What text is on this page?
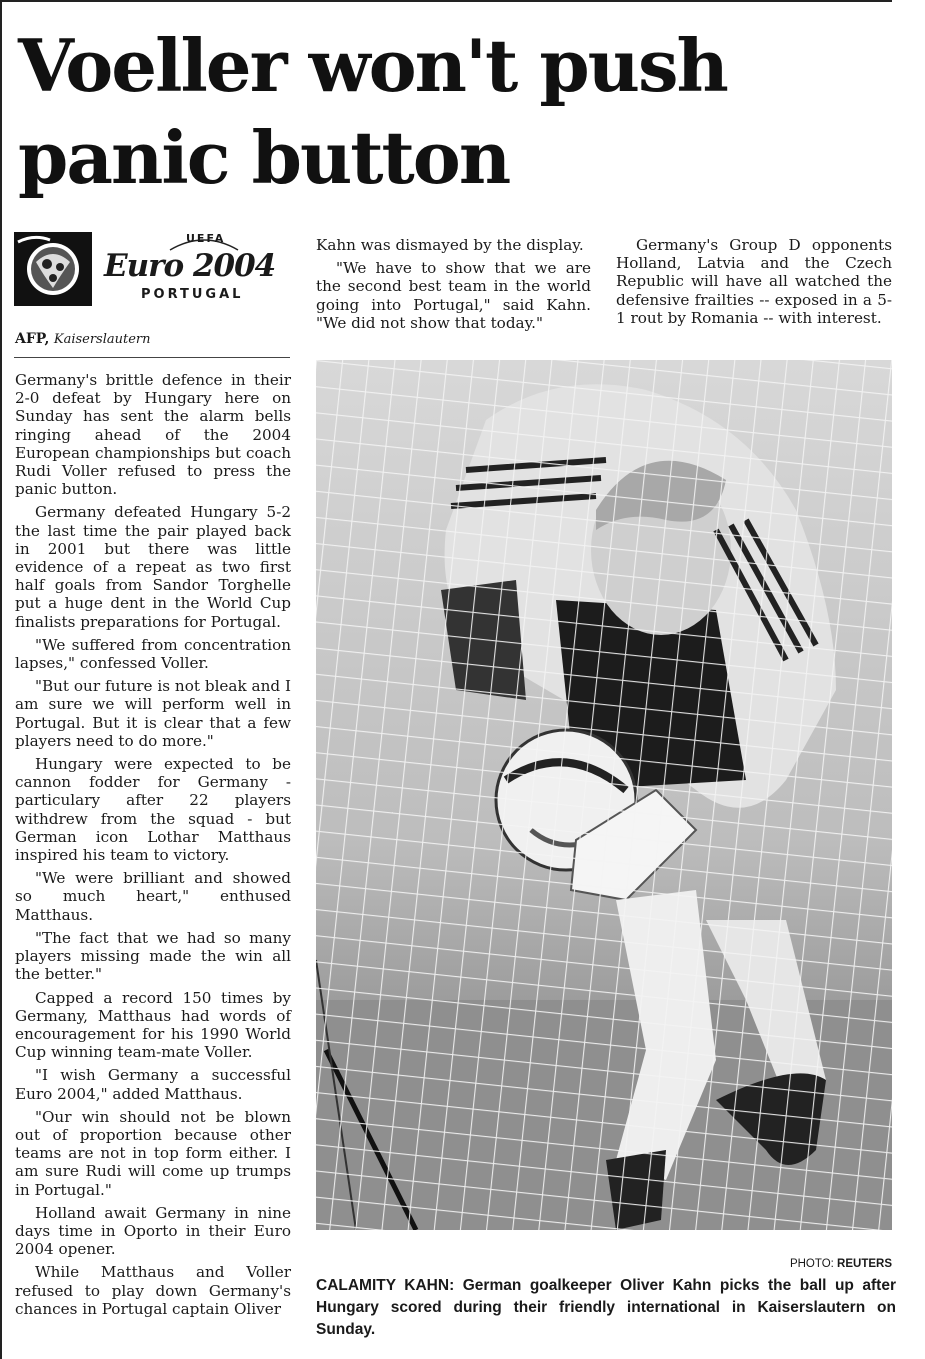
Voeller won't push panic button
UEFA
Euro 2004
PORTUGAL
AFP, Kaiserslautern

Germany's brittle defence in their 2-0 defeat by Hungary here on Sunday has sent the alarm bells ringing ahead of the 2004 European championships but coach Rudi Voller refused to press the panic button.

Germany defeated Hungary 5-2 the last time the pair played back in 2001 but there was little evidence of a repeat as two first half goals from Sandor Torghelle put a huge dent in the World Cup finalists preparations for Portugal.

"We suffered from concentration lapses," confessed Voller.

"But our future is not bleak and I am sure we will perform well in Portugal. But it is clear that a few players need to do more."

Hungary were expected to be cannon fodder for Germany - particulary after 22 players withdrew from the squad - but German icon Lothar Matthaus inspired his team to victory.

"We were brilliant and showed so much heart," enthused Matthaus.

"The fact that we had so many players missing made the win all the better."

Capped a record 150 times by Germany, Matthaus had words of encouragement for his 1990 World Cup winning team-mate Voller.

"I wish Germany a successful Euro 2004," added Matthaus.

"Our win should not be blown out of proportion because other teams are not in top form either. I am sure Rudi will come up trumps in Portugal."

Holland await Germany in nine days time in Oporto in their Euro 2004 opener.

While Matthaus and Voller refused to play down Germany's chances in Portugal captain Oliver

Kahn was dismayed by the display.

"We have to show that we are the second best team in the world going into Portugal," said Kahn. "We did not show that today."

Germany's Group D opponents Holland, Latvia and the Czech Republic will have all watched the defensive frailties -- exposed in a 5-1 rout by Romania -- with interest.

PHOTO: REUTERS
CALAMITY KAHN: German goalkeeper Oliver Kahn picks the ball up after Hungary scored during their friendly international in Kaiserslautern on Sunday.
